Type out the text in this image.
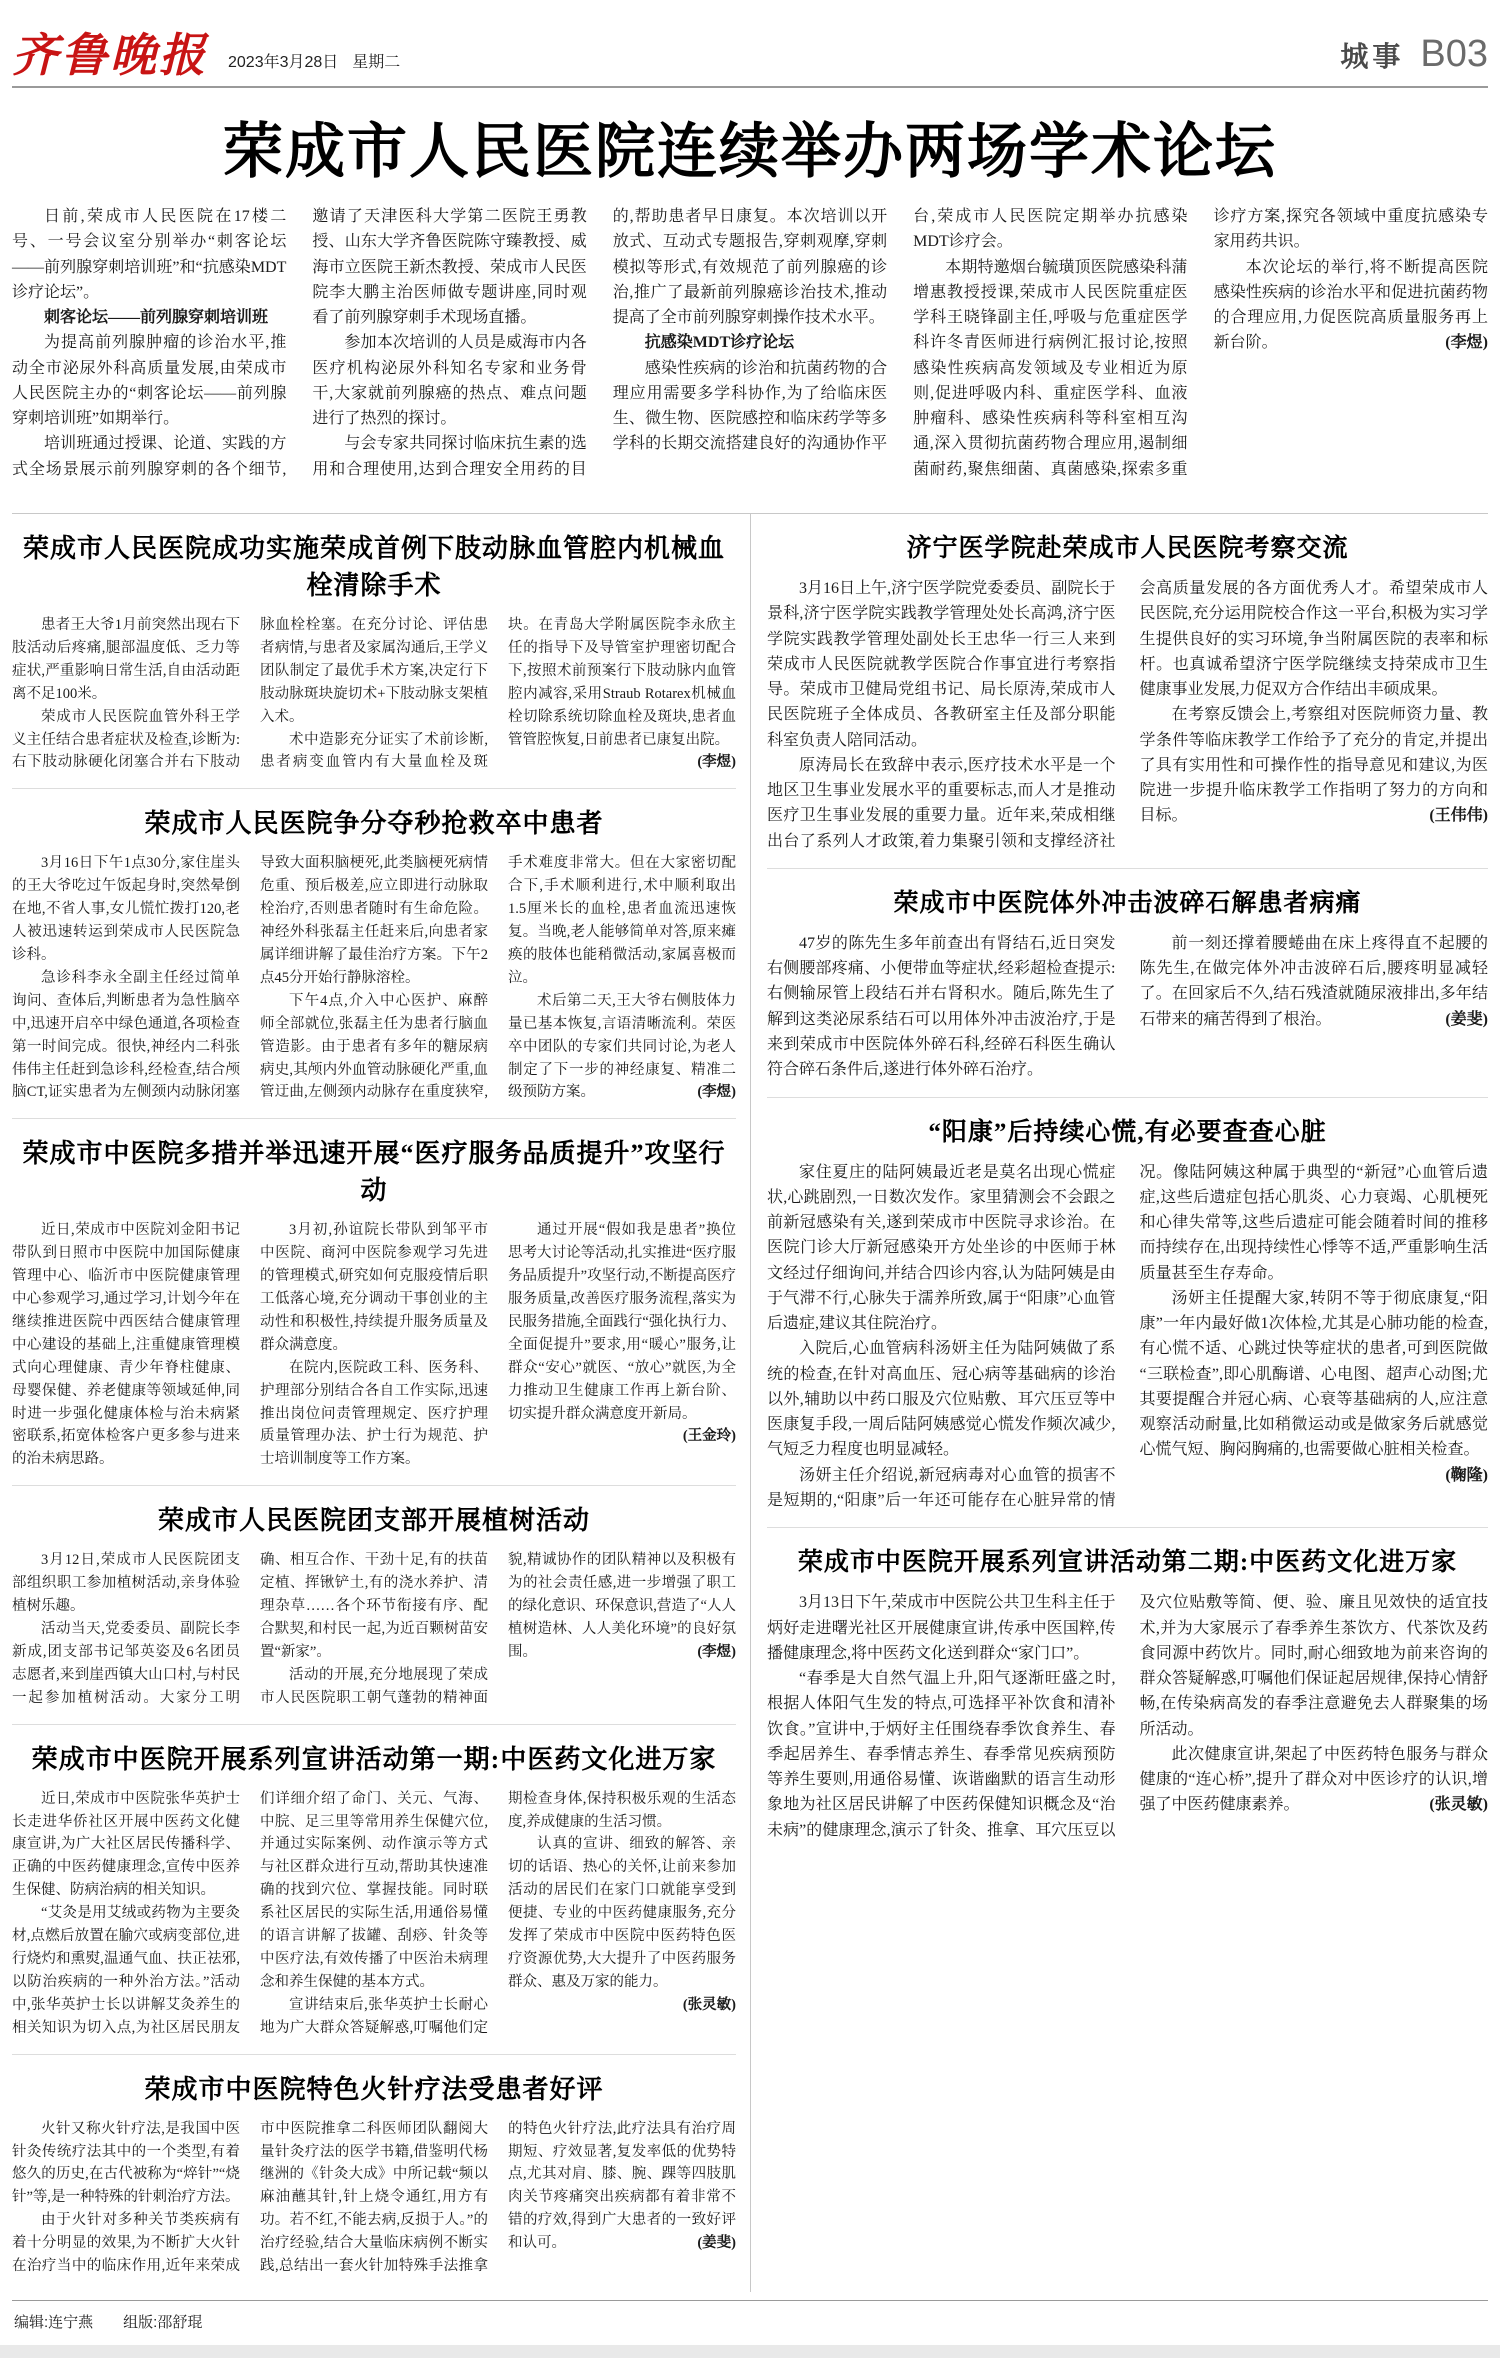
齐鲁晚报 2023年3月28日 星期二	城事 B03
荣成市人民医院连续举办两场学术论坛

日前,荣成市人民医院在17楼二号、一号会议室分别举办“刺客论坛——前列腺穿刺培训班”和“抗感染MDT诊疗论坛”。

刺客论坛——前列腺穿刺培训班

为提高前列腺肿瘤的诊治水平,推动全市泌尿外科高质量发展,由荣成市人民医院主办的“刺客论坛——前列腺穿刺培训班”如期举行。

培训班通过授课、论道、实践的方式全场景展示前列腺穿刺的各个细节,邀请了天津医科大学第二医院王勇教授、山东大学齐鲁医院陈守臻教授、威海市立医院王新杰教授、荣成市人民医院李大鹏主治医师做专题讲座,同时观看了前列腺穿刺手术现场直播。

参加本次培训的人员是威海市内各医疗机构泌尿外科知名专家和业务骨干,大家就前列腺癌的热点、难点问题进行了热烈的探讨。

与会专家共同探讨临床抗生素的选用和合理使用,达到合理安全用药的目的,帮助患者早日康复。本次培训以开放式、互动式专题报告,穿刺观摩,穿刺模拟等形式,有效规范了前列腺癌的诊治,推广了最新前列腺癌诊治技术,推动提高了全市前列腺穿刺操作技术水平。

抗感染MDT诊疗论坛

感染性疾病的诊治和抗菌药物的合理应用需要多学科协作,为了给临床医生、微生物、医院感控和临床药学等多学科的长期交流搭建良好的沟通协作平台,荣成市人民医院定期举办抗感染MDT诊疗会。

本期特邀烟台毓璜顶医院感染科蒲增惠教授授课,荣成市人民医院重症医学科王晓锋副主任,呼吸与危重症医学科许冬青医师进行病例汇报讨论,按照感染性疾病高发领域及专业相近为原则,促进呼吸内科、重症医学科、血液肿瘤科、感染性疾病科等科室相互沟通,深入贯彻抗菌药物合理应用,遏制细菌耐药,聚焦细菌、真菌感染,探索多重诊疗方案,探究各领域中重度抗感染专家用药共识。

本次论坛的举行,将不断提高医院感染性疾病的诊治水平和促进抗菌药物的合理应用,力促医院高质量服务再上新台阶。	(李煜)

荣成市人民医院成功实施荣成首例下肢动脉血管腔内机械血栓清除手术

患者王大爷1月前突然出现右下肢活动后疼痛,腿部温度低、乏力等症状,严重影响日常生活,自由活动距离不足100米。

荣成市人民医院血管外科王学义主任结合患者症状及检查,诊断为:右下肢动脉硬化闭塞合并右下肢动脉血栓栓塞。在充分讨论、评估患者病情,与患者及家属沟通后,王学义团队制定了最优手术方案,决定行下肢动脉斑块旋切术+下肢动脉支架植入术。

术中造影充分证实了术前诊断,患者病变血管内有大量血栓及斑块。在青岛大学附属医院李永欣主任的指导下及导管室护理密切配合下,按照术前预案行下肢动脉内血管腔内减容,采用Straub Rotarex机械血栓切除系统切除血栓及斑块,患者血管管腔恢复,日前患者已康复出院。
(李煜)

荣成市人民医院争分夺秒抢救卒中患者

3月16日下午1点30分,家住崖头的王大爷吃过午饭起身时,突然晕倒在地,不省人事,女儿慌忙拨打120,老人被迅速转运到荣成市人民医院急诊科。

急诊科李永全副主任经过简单询问、查体后,判断患者为急性脑卒中,迅速开启卒中绿色通道,各项检查第一时间完成。很快,神经内二科张伟伟主任赶到急诊科,经检查,结合颅脑CT,证实患者为左侧颈内动脉闭塞导致大面积脑梗死,此类脑梗死病情危重、预后极差,应立即进行动脉取栓治疗,否则患者随时有生命危险。神经外科张磊主任赶来后,向患者家属详细讲解了最佳治疗方案。下午2点45分开始行静脉溶栓。

下午4点,介入中心医护、麻醉师全部就位,张磊主任为患者行脑血管造影。由于患者有多年的糖尿病病史,其颅内外血管动脉硬化严重,血管迂曲,左侧颈内动脉存在重度狭窄,手术难度非常大。但在大家密切配合下,手术顺利进行,术中顺利取出1.5厘米长的血栓,患者血流迅速恢复。当晚,老人能够简单对答,原来瘫痪的肢体也能稍微活动,家属喜极而泣。

术后第二天,王大爷右侧肢体力量已基本恢复,言语清晰流利。荣医卒中团队的专家们共同讨论,为老人制定了下一步的神经康复、精准二级预防方案。	(李煜)

荣成市中医院多措并举迅速开展“医疗服务品质提升”攻坚行动

近日,荣成市中医院刘金阳书记带队到日照市中医院中加国际健康管理中心、临沂市中医院健康管理中心参观学习,通过学习,计划今年在继续推进医院中西医结合健康管理中心建设的基础上,注重健康管理模式向心理健康、青少年脊柱健康、母婴保健、养老健康等领域延伸,同时进一步强化健康体检与治未病紧密联系,拓宽体检客户更多参与进来的治未病思路。

3月初,孙谊院长带队到邹平市中医院、商河中医院参观学习先进的管理模式,研究如何克服疫情后职工低落心境,充分调动干事创业的主动性和积极性,持续提升服务质量及群众满意度。

在院内,医院政工科、医务科、护理部分别结合各自工作实际,迅速推出岗位问责管理规定、医疗护理质量管理办法、护士行为规范、护士培训制度等工作方案。

通过开展“假如我是患者”换位思考大讨论等活动,扎实推进“医疗服务品质提升”攻坚行动,不断提高医疗服务质量,改善医疗服务流程,落实为民服务措施,全面践行“强化执行力、全面促提升”要求,用“暖心”服务,让群众“安心”就医、“放心”就医,为全力推动卫生健康工作再上新台阶、切实提升群众满意度开新局。
(王金玲)

荣成市人民医院团支部开展植树活动

3月12日,荣成市人民医院团支部组织职工参加植树活动,亲身体验植树乐趣。

活动当天,党委委员、副院长李新成,团支部书记邹英姿及6名团员志愿者,来到崖西镇大山口村,与村民一起参加植树活动。大家分工明确、相互合作、干劲十足,有的扶苗定植、挥锹铲土,有的浇水养护、清理杂草……各个环节衔接有序、配合默契,和村民一起,为近百颗树苗安置“新家”。

活动的开展,充分地展现了荣成市人民医院职工朝气蓬勃的精神面貌,精诚协作的团队精神以及积极有为的社会责任感,进一步增强了职工的绿化意识、环保意识,营造了“人人植树造林、人人美化环境”的良好氛围。	(李煜)

荣成市中医院开展系列宣讲活动第一期:中医药文化进万家

近日,荣成市中医院张华英护士长走进华侨社区开展中医药文化健康宣讲,为广大社区居民传播科学、正确的中医药健康理念,宣传中医养生保健、防病治病的相关知识。

“艾灸是用艾绒或药物为主要灸材,点燃后放置在腧穴或病变部位,进行烧灼和熏熨,温通气血、扶正祛邪,以防治疾病的一种外治方法。”活动中,张华英护士长以讲解艾灸养生的相关知识为切入点,为社区居民朋友们详细介绍了命门、关元、气海、中脘、足三里等常用养生保健穴位,并通过实际案例、动作演示等方式与社区群众进行互动,帮助其快速准确的找到穴位、掌握技能。同时联系社区居民的实际生活,用通俗易懂的语言讲解了拔罐、刮痧、针灸等中医疗法,有效传播了中医治未病理念和养生保健的基本方式。

宣讲结束后,张华英护士长耐心地为广大群众答疑解惑,叮嘱他们定期检查身体,保持积极乐观的生活态度,养成健康的生活习惯。

认真的宣讲、细致的解答、亲切的话语、热心的关怀,让前来参加活动的居民们在家门口就能享受到便捷、专业的中医药健康服务,充分发挥了荣成市中医院中医药特色医疗资源优势,大大提升了中医药服务群众、惠及万家的能力。
(张灵敏)

荣成市中医院特色火针疗法受患者好评

火针又称火针疗法,是我国中医针灸传统疗法其中的一个类型,有着悠久的历史,在古代被称为“焠针”“烧针”等,是一种特殊的针刺治疗方法。

由于火针对多种关节类疾病有着十分明显的效果,为不断扩大火针在治疗当中的临床作用,近年来荣成市中医院推拿二科医师团队翻阅大量针灸疗法的医学书籍,借鉴明代杨继洲的《针灸大成》中所记载“频以麻油蘸其针,针上烧令通红,用方有功。若不红,不能去病,反损于人。”的治疗经验,结合大量临床病例不断实践,总结出一套火针加特殊手法推拿的特色火针疗法,此疗法具有治疗周期短、疗效显著,复发率低的优势特点,尤其对肩、膝、腕、踝等四肢肌肉关节疼痛突出疾病都有着非常不错的疗效,得到广大患者的一致好评和认可。	(姜斐)

济宁医学院赴荣成市人民医院考察交流

3月16日上午,济宁医学院党委委员、副院长于景科,济宁医学院实践教学管理处处长高鸿,济宁医学院实践教学管理处副处长王忠华一行三人来到荣成市人民医院就教学医院合作事宜进行考察指导。荣成市卫健局党组书记、局长原涛,荣成市人民医院班子全体成员、各教研室主任及部分职能科室负责人陪同活动。

原涛局长在致辞中表示,医疗技术水平是一个地区卫生事业发展水平的重要标志,而人才是推动医疗卫生事业发展的重要力量。近年来,荣成相继出台了系列人才政策,着力集聚引领和支撑经济社会高质量发展的各方面优秀人才。希望荣成市人民医院,充分运用院校合作这一平台,积极为实习学生提供良好的实习环境,争当附属医院的表率和标杆。也真诚希望济宁医学院继续支持荣成市卫生健康事业发展,力促双方合作结出丰硕成果。

在考察反馈会上,考察组对医院师资力量、教学条件等临床教学工作给予了充分的肯定,并提出了具有实用性和可操作性的指导意见和建议,为医院进一步提升临床教学工作指明了努力的方向和目标。	(王伟伟)

荣成市中医院体外冲击波碎石解患者病痛

47岁的陈先生多年前查出有肾结石,近日突发右侧腰部疼痛、小便带血等症状,经彩超检查提示:右侧输尿管上段结石并右肾积水。随后,陈先生了解到这类泌尿系结石可以用体外冲击波治疗,于是来到荣成市中医院体外碎石科,经碎石科医生确认符合碎石条件后,遂进行体外碎石治疗。

前一刻还撑着腰蜷曲在床上疼得直不起腰的陈先生,在做完体外冲击波碎石后,腰疼明显减轻了。在回家后不久,结石残渣就随尿液排出,多年结石带来的痛苦得到了根治。	(姜斐)

“阳康”后持续心慌,有必要查查心脏

家住夏庄的陆阿姨最近老是莫名出现心慌症状,心跳剧烈,一日数次发作。家里猜测会不会跟之前新冠感染有关,遂到荣成市中医院寻求诊治。在医院门诊大厅新冠感染开方处坐诊的中医师于林文经过仔细询问,并结合四诊内容,认为陆阿姨是由于气滞不行,心脉失于濡养所致,属于“阳康”心血管后遗症,建议其住院治疗。

入院后,心血管病科汤妍主任为陆阿姨做了系统的检查,在针对高血压、冠心病等基础病的诊治以外,辅助以中药口服及穴位贴敷、耳穴压豆等中医康复手段,一周后陆阿姨感觉心慌发作频次减少,气短乏力程度也明显减轻。

汤妍主任介绍说,新冠病毒对心血管的损害不是短期的,“阳康”后一年还可能存在心脏异常的情况。像陆阿姨这种属于典型的“新冠”心血管后遗症,这些后遗症包括心肌炎、心力衰竭、心肌梗死和心律失常等,这些后遗症可能会随着时间的推移而持续存在,出现持续性心悸等不适,严重影响生活质量甚至生存寿命。

汤妍主任提醒大家,转阴不等于彻底康复,“阳康”一年内最好做1次体检,尤其是心肺功能的检查,有心慌不适、心跳过快等症状的患者,可到医院做“三联检查”,即心肌酶谱、心电图、超声心动图;尤其要提醒合并冠心病、心衰等基础病的人,应注意观察活动耐量,比如稍微运动或是做家务后就感觉心慌气短、胸闷胸痛的,也需要做心脏相关检查。
(鞠隆)

荣成市中医院开展系列宣讲活动第二期:中医药文化进万家

3月13日下午,荣成市中医院公共卫生科主任于炳好走进曙光社区开展健康宣讲,传承中医国粹,传播健康理念,将中医药文化送到群众“家门口”。

“春季是大自然气温上升,阳气逐渐旺盛之时,根据人体阳气生发的特点,可选择平补饮食和清补饮食。”宣讲中,于炳好主任围绕春季饮食养生、春季起居养生、春季情志养生、春季常见疾病预防等养生要则,用通俗易懂、诙谐幽默的语言生动形象地为社区居民讲解了中医药保健知识概念及“治未病”的健康理念,演示了针灸、推拿、耳穴压豆以及穴位贴敷等简、便、验、廉且见效快的适宜技术,并为大家展示了春季养生茶饮方、代茶饮及药食同源中药饮片。同时,耐心细致地为前来咨询的群众答疑解惑,叮嘱他们保证起居规律,保持心情舒畅,在传染病高发的春季注意避免去人群聚集的场所活动。

此次健康宣讲,架起了中医药特色服务与群众健康的“连心桥”,提升了群众对中医诊疗的认识,增强了中医药健康素养。	(张灵敏)

编辑:连宁燕 组版:邵舒琨
